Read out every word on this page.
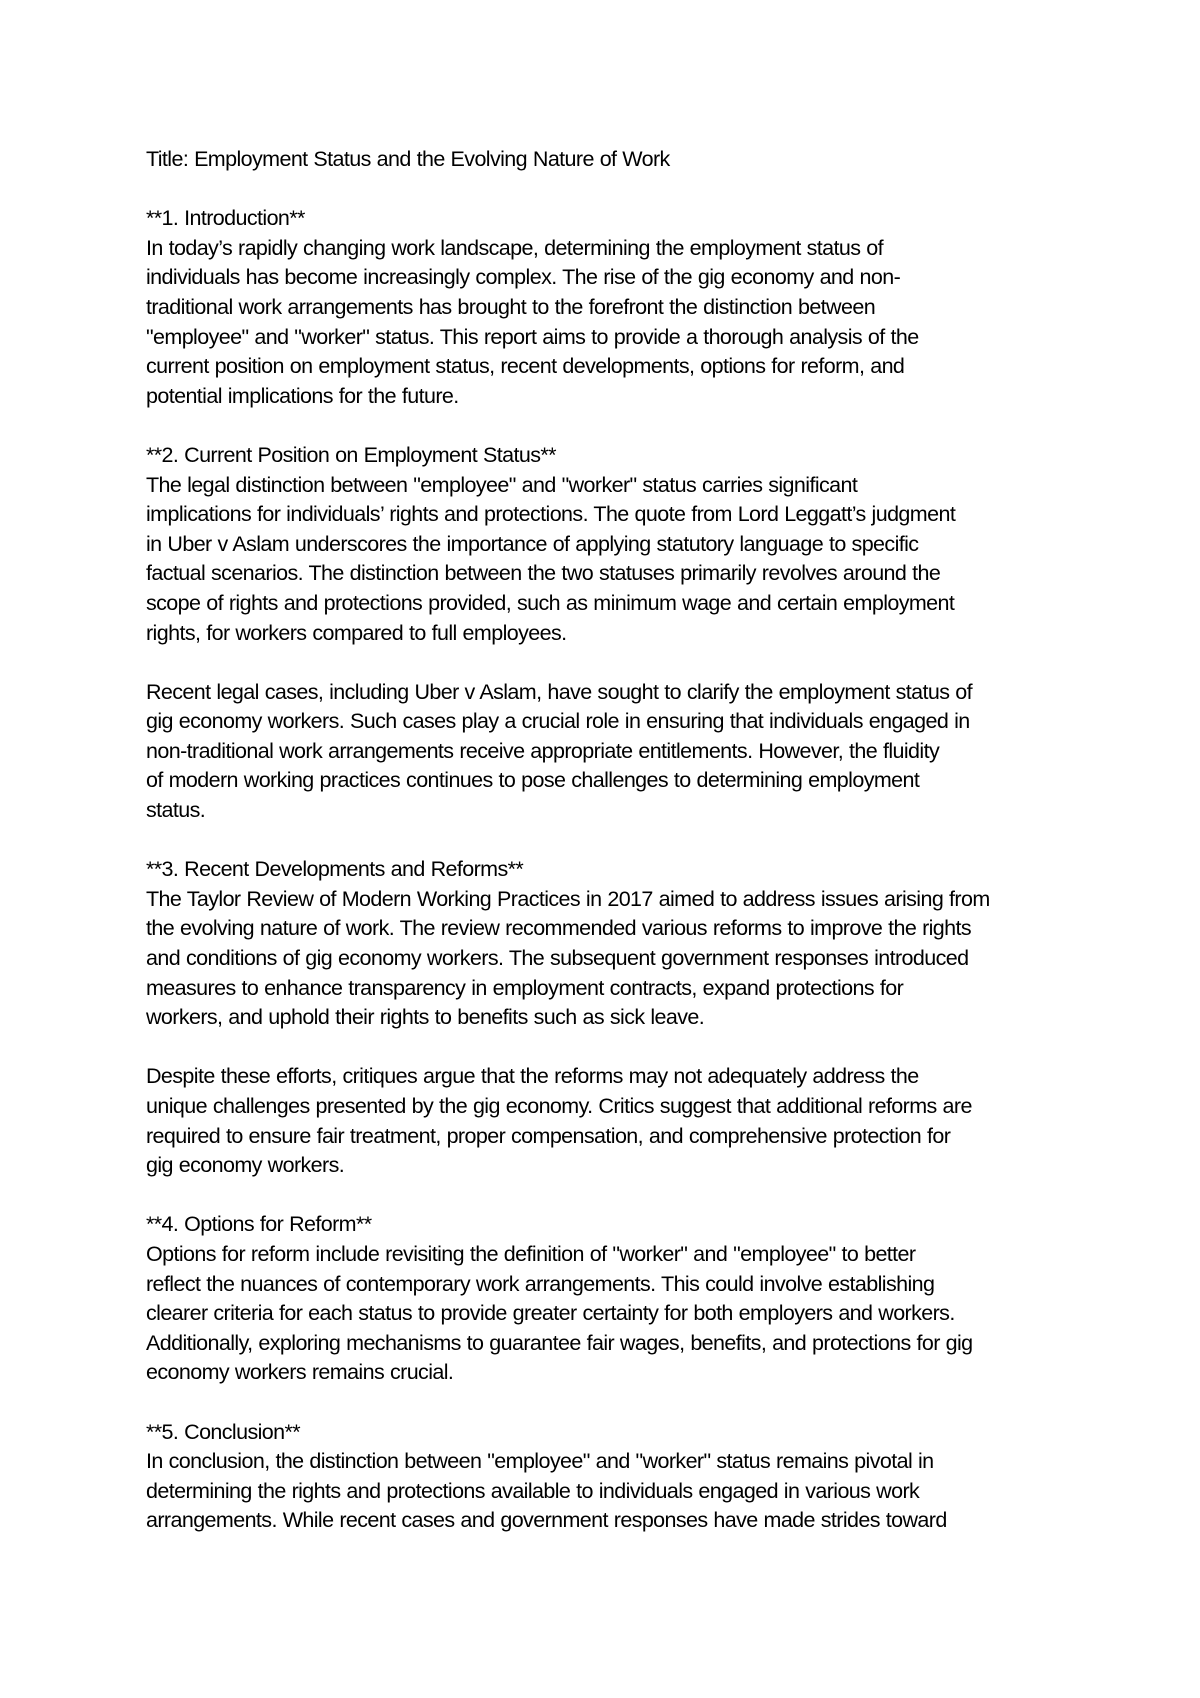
Title: Employment Status and the Evolving Nature of Work
**1. Introduction**
In today’s rapidly changing work landscape, determining the employment status of
individuals has become increasingly complex. The rise of the gig economy and non-
traditional work arrangements has brought to the forefront the distinction between
"employee" and "worker" status. This report aims to provide a thorough analysis of the
current position on employment status, recent developments, options for reform, and
potential implications for the future.
**2. Current Position on Employment Status**
The legal distinction between "employee" and "worker" status carries significant
implications for individuals’ rights and protections. The quote from Lord Leggatt’s judgment
in Uber v Aslam underscores the importance of applying statutory language to specific
factual scenarios. The distinction between the two statuses primarily revolves around the
scope of rights and protections provided, such as minimum wage and certain employment
rights, for workers compared to full employees.
Recent legal cases, including Uber v Aslam, have sought to clarify the employment status of
gig economy workers. Such cases play a crucial role in ensuring that individuals engaged in
non-traditional work arrangements receive appropriate entitlements. However, the fluidity
of modern working practices continues to pose challenges to determining employment
status.
**3. Recent Developments and Reforms**
The Taylor Review of Modern Working Practices in 2017 aimed to address issues arising from
the evolving nature of work. The review recommended various reforms to improve the rights
and conditions of gig economy workers. The subsequent government responses introduced
measures to enhance transparency in employment contracts, expand protections for
workers, and uphold their rights to benefits such as sick leave.
Despite these efforts, critiques argue that the reforms may not adequately address the
unique challenges presented by the gig economy. Critics suggest that additional reforms are
required to ensure fair treatment, proper compensation, and comprehensive protection for
gig economy workers.
**4. Options for Reform**
Options for reform include revisiting the definition of "worker" and "employee" to better
reflect the nuances of contemporary work arrangements. This could involve establishing
clearer criteria for each status to provide greater certainty for both employers and workers.
Additionally, exploring mechanisms to guarantee fair wages, benefits, and protections for gig
economy workers remains crucial.
**5. Conclusion**
In conclusion, the distinction between "employee" and "worker" status remains pivotal in
determining the rights and protections available to individuals engaged in various work
arrangements. While recent cases and government responses have made strides toward
